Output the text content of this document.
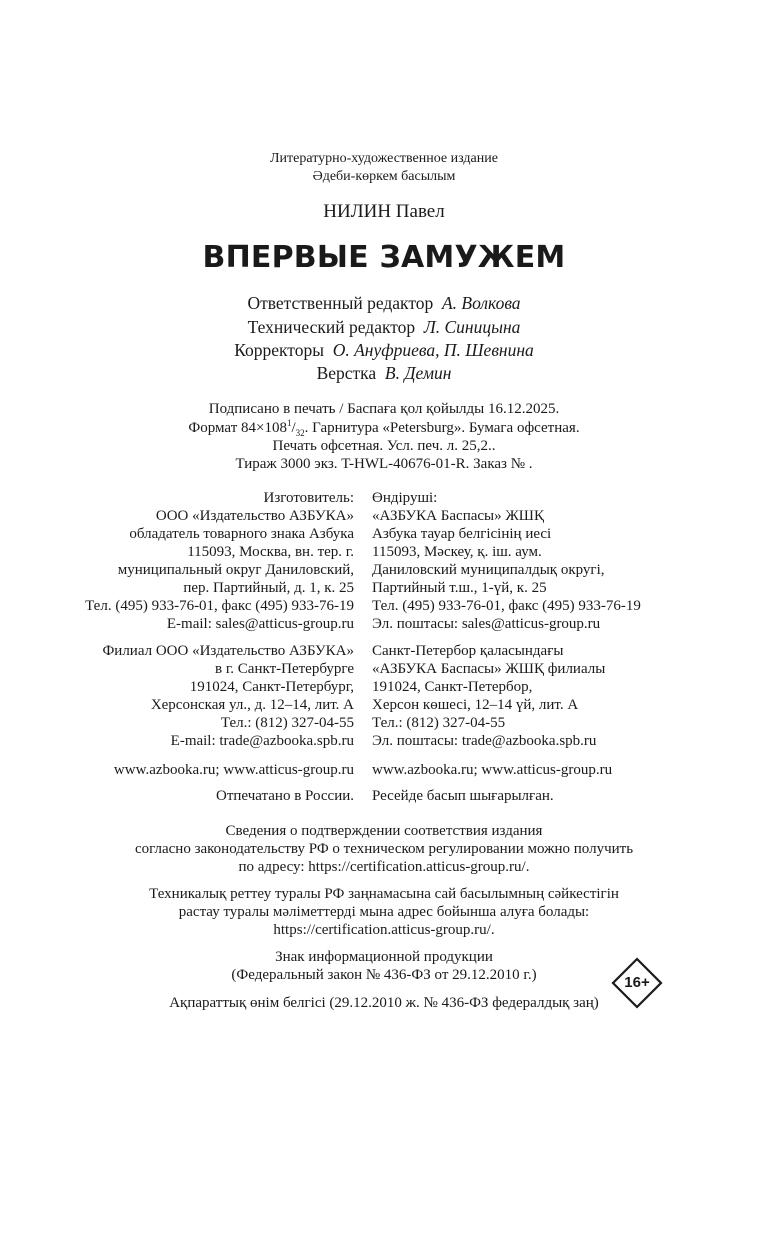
Литературно-художественное издание
Әдеби-көркем басылым
НИЛИН Павел
ВПЕРВЫЕ ЗАМУЖЕМ
Ответственный редактор А. Волкова
Технический редактор Л. Синицына
Корректоры О. Ануфриева, П. Шевнина
Верстка В. Демин
Подписано в печать / Баспаға қол қойылды 16.12.2025.
Формат $84\times 108^1/_{32}$. Гарнитура «Petersburg». Бумага офсетная.
Печать офсетная. Усл. печ. л. 25,2..
Тираж 3000 экз. T-HWL-40676-01-R. Заказ № .
Изготовитель:
ООО «Издательство АЗБУКА»
обладатель товарного знака Азбука
115093, Москва, вн. тер. г.
муниципальный округ Даниловский,
пер. Партийный, д. 1, к. 25
Тел. (495) 933-76-01, факс (495) 933-76-19
E-mail: sales@atticus-group.ru
Өндіруші:
«АЗБУКА Баспасы» ЖШҚ
Азбука тауар белгісінің иесі
115093, Мәскеу, қ. іш. аум.
Даниловский муниципалдық округі,
Партийный т.ш., 1-үй, к. 25
Тел. (495) 933-76-01, факс (495) 933-76-19
Эл. поштасы: sales@atticus-group.ru
Филиал ООО «Издательство АЗБУКА»
в г. Санкт-Петербурге
191024, Санкт-Петербург,
Херсонская ул., д. 12–14, лит. А
Тел.: (812) 327-04-55
E-mail: trade@azbooka.spb.ru
Санкт-Петербор қаласындағы
«АЗБУКА Баспасы» ЖШҚ филиалы
191024, Санкт-Петербор,
Херсон көшесі, 12–14 үй, лит. А
Тел.: (812) 327-04-55
Эл. поштасы: trade@azbooka.spb.ru
www.azbooka.ru; www.atticus-group.ru www.azbooka.ru; www.atticus-group.ru
Отпечатано в России. Ресейде басып шығарылған.
Сведения о подтверждении соответствия издания
согласно законодательству РФ о техническом регулировании можно получить
по адресу: https://certification.atticus-group.ru/.
Техникалық реттеу туралы РФ заңнамасына сай басылымның сәйкестігін
растау туралы мәліметтерді мына адрес бойынша алуға болады:
https://certification.atticus-group.ru/.
Знак информационной продукции
(Федеральный закон № 436-ФЗ от 29.12.2010 г.)
Ақпараттық өнім белгісі (29.12.2010 ж. № 436-ФЗ федералдық заң)
16+
